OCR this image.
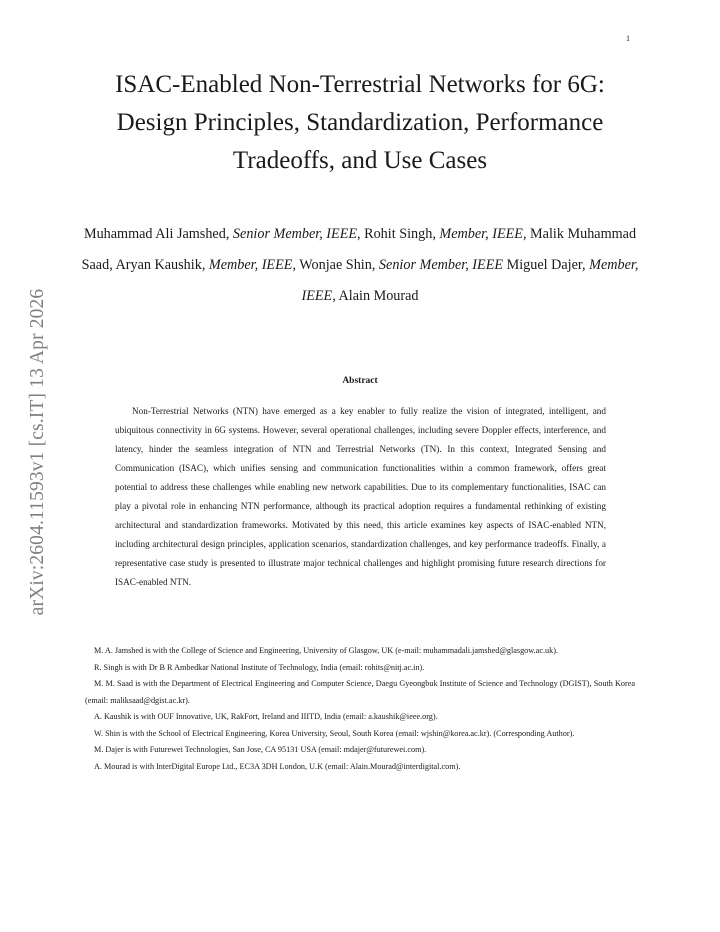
1
arXiv:2604.11593v1 [cs.IT] 13 Apr 2026
ISAC-Enabled Non-Terrestrial Networks for 6G: Design Principles, Standardization, Performance Tradeoffs, and Use Cases
Muhammad Ali Jamshed, Senior Member, IEEE, Rohit Singh, Member, IEEE, Malik Muhammad Saad, Aryan Kaushik, Member, IEEE, Wonjae Shin, Senior Member, IEEE Miguel Dajer, Member, IEEE, Alain Mourad
Abstract

Non-Terrestrial Networks (NTN) have emerged as a key enabler to fully realize the vision of integrated, intelligent, and ubiquitous connectivity in 6G systems. However, several operational challenges, including severe Doppler effects, interference, and latency, hinder the seamless integration of NTN and Terrestrial Networks (TN). In this context, Integrated Sensing and Communication (ISAC), which unifies sensing and communication functionalities within a common framework, offers great potential to address these challenges while enabling new network capabilities. Due to its complementary functionalities, ISAC can play a pivotal role in enhancing NTN performance, although its practical adoption requires a fundamental rethinking of existing architectural and standardization frameworks. Motivated by this need, this article examines key aspects of ISAC-enabled NTN, including architectural design principles, application scenarios, standardization challenges, and key performance tradeoffs. Finally, a representative case study is presented to illustrate major technical challenges and highlight promising future research directions for ISAC-enabled NTN.

M. A. Jamshed is with the College of Science and Engineering, University of Glasgow, UK (e-mail: muhammadali.jamshed@glasgow.ac.uk).

R. Singh is with Dr B R Ambedkar National Institute of Technology, India (email: rohits@nitj.ac.in).

M. M. Saad is with the Department of Electrical Engineering and Computer Science, Daegu Gyeongbuk Institute of Science and Technology (DGIST), South Korea (email: maliksaad@dgist.ac.kr).

A. Kaushik is with OUF Innovative, UK, RakFort, Ireland and IIITD, India (email: a.kaushik@ieee.org).

W. Shin is with the School of Electrical Engineering, Korea University, Seoul, South Korea (email: wjshin@korea.ac.kr). (Corresponding Author).

M. Dajer is with Futurewei Technologies, San Jose, CA 95131 USA (email: mdajer@futurewei.com).

A. Mourad is with InterDigital Europe Ltd., EC3A 3DH London, U.K (email: Alain.Mourad@interdigital.com).
